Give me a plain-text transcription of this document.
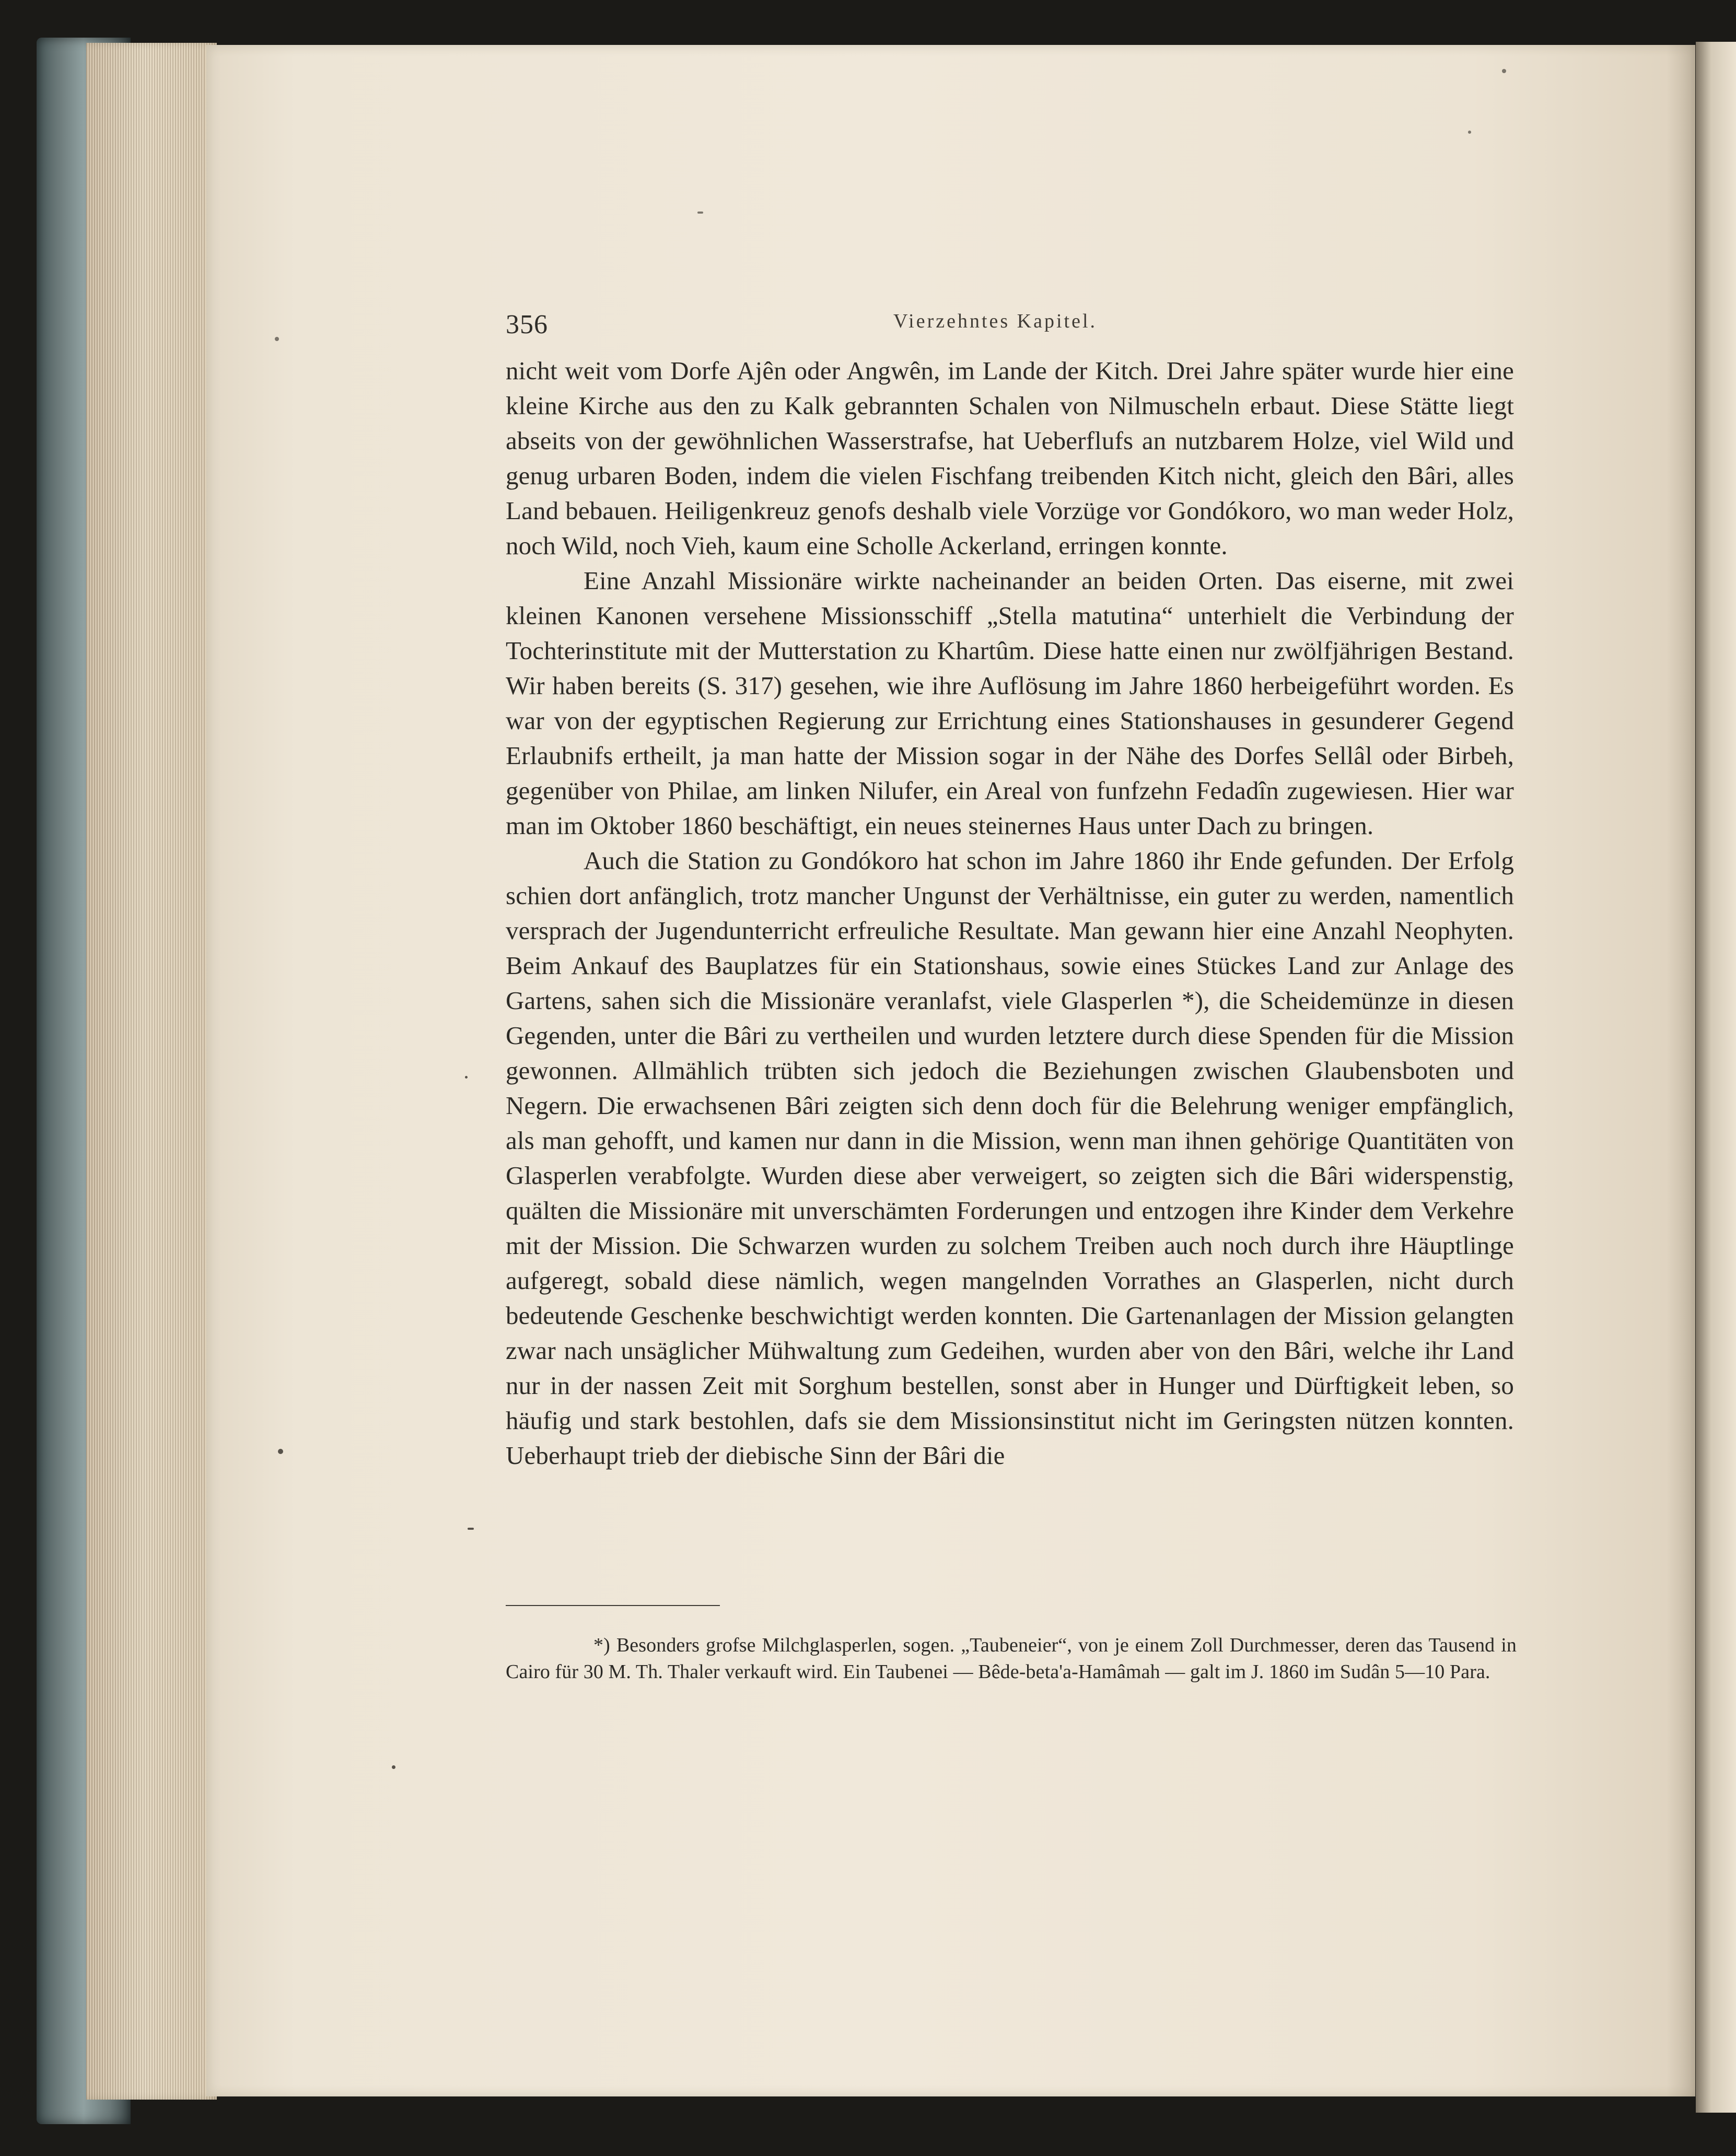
356	Vierzehntes Kapitel.

nicht weit vom Dorfe Ajên oder Angwên, im Lande der Kitch. Drei Jahre später wurde hier eine kleine Kirche aus den zu Kalk gebrannten Schalen von Nilmuscheln erbaut. Diese Stätte liegt abseits von der gewöhnlichen Wasserstrafse, hat Ueberflufs an nutzbarem Holze, viel Wild und genug urbaren Boden, indem die vielen Fischfang treibenden Kitch nicht, gleich den Bâri, alles Land bebauen. Heiligenkreuz genofs deshalb viele Vorzüge vor Gondókoro, wo man weder Holz, noch Wild, noch Vieh, kaum eine Scholle Ackerland, erringen konnte.

Eine Anzahl Missionäre wirkte nacheinander an beiden Orten. Das eiserne, mit zwei kleinen Kanonen versehene Missionsschiff „Stella matutina“ unterhielt die Verbindung der Tochterinstitute mit der Mutterstation zu Khartûm. Diese hatte einen nur zwölfjährigen Bestand. Wir haben bereits (S. 317) gesehen, wie ihre Auflösung im Jahre 1860 herbeigeführt worden. Es war von der egyptischen Regierung zur Errichtung eines Stationshauses in gesunderer Gegend Erlaubnifs ertheilt, ja man hatte der Mission sogar in der Nähe des Dorfes Sellâl oder Birbeh, gegenüber von Philae, am linken Nilufer, ein Areal von funfzehn Fedadîn zugewiesen. Hier war man im Oktober 1860 beschäftigt, ein neues steinernes Haus unter Dach zu bringen.

Auch die Station zu Gondókoro hat schon im Jahre 1860 ihr Ende gefunden. Der Erfolg schien dort anfänglich, trotz mancher Ungunst der Verhältnisse, ein guter zu werden, namentlich versprach der Jugendunterricht erfreuliche Resultate. Man gewann hier eine Anzahl Neophyten. Beim Ankauf des Bauplatzes für ein Stationshaus, sowie eines Stückes Land zur Anlage des Gartens, sahen sich die Missionäre veranlafst, viele Glasperlen *), die Scheidemünze in diesen Gegenden, unter die Bâri zu vertheilen und wurden letztere durch diese Spenden für die Mission gewonnen. Allmählich trübten sich jedoch die Beziehungen zwischen Glaubensboten und Negern. Die erwachsenen Bâri zeigten sich denn doch für die Belehrung weniger empfänglich, als man gehofft, und kamen nur dann in die Mission, wenn man ihnen gehörige Quantitäten von Glasperlen verabfolgte. Wurden diese aber verweigert, so zeigten sich die Bâri widerspenstig, quälten die Missionäre mit unverschämten Forderungen und entzogen ihre Kinder dem Verkehre mit der Mission. Die Schwarzen wurden zu solchem Treiben auch noch durch ihre Häuptlinge aufgeregt, sobald diese nämlich, wegen mangelnden Vorrathes an Glasperlen, nicht durch bedeutende Geschenke beschwichtigt werden konnten. Die Gartenanlagen der Mission gelangten zwar nach unsäglicher Mühwaltung zum Gedeihen, wurden aber von den Bâri, welche ihr Land nur in der nassen Zeit mit Sorghum bestellen, sonst aber in Hunger und Dürftigkeit leben, so häufig und stark bestohlen, dafs sie dem Missionsinstitut nicht im Geringsten nützen konnten. Ueberhaupt trieb der diebische Sinn der Bâri die

*) Besonders grofse Milchglasperlen, sogen. „Taubeneier“, von je einem Zoll Durchmesser, deren das Tausend in Cairo für 30 M. Th. Thaler verkauft wird. Ein Taubenei — Bêde-beta'a-Hamâmah — galt im J. 1860 im Sudân 5—10 Para.
